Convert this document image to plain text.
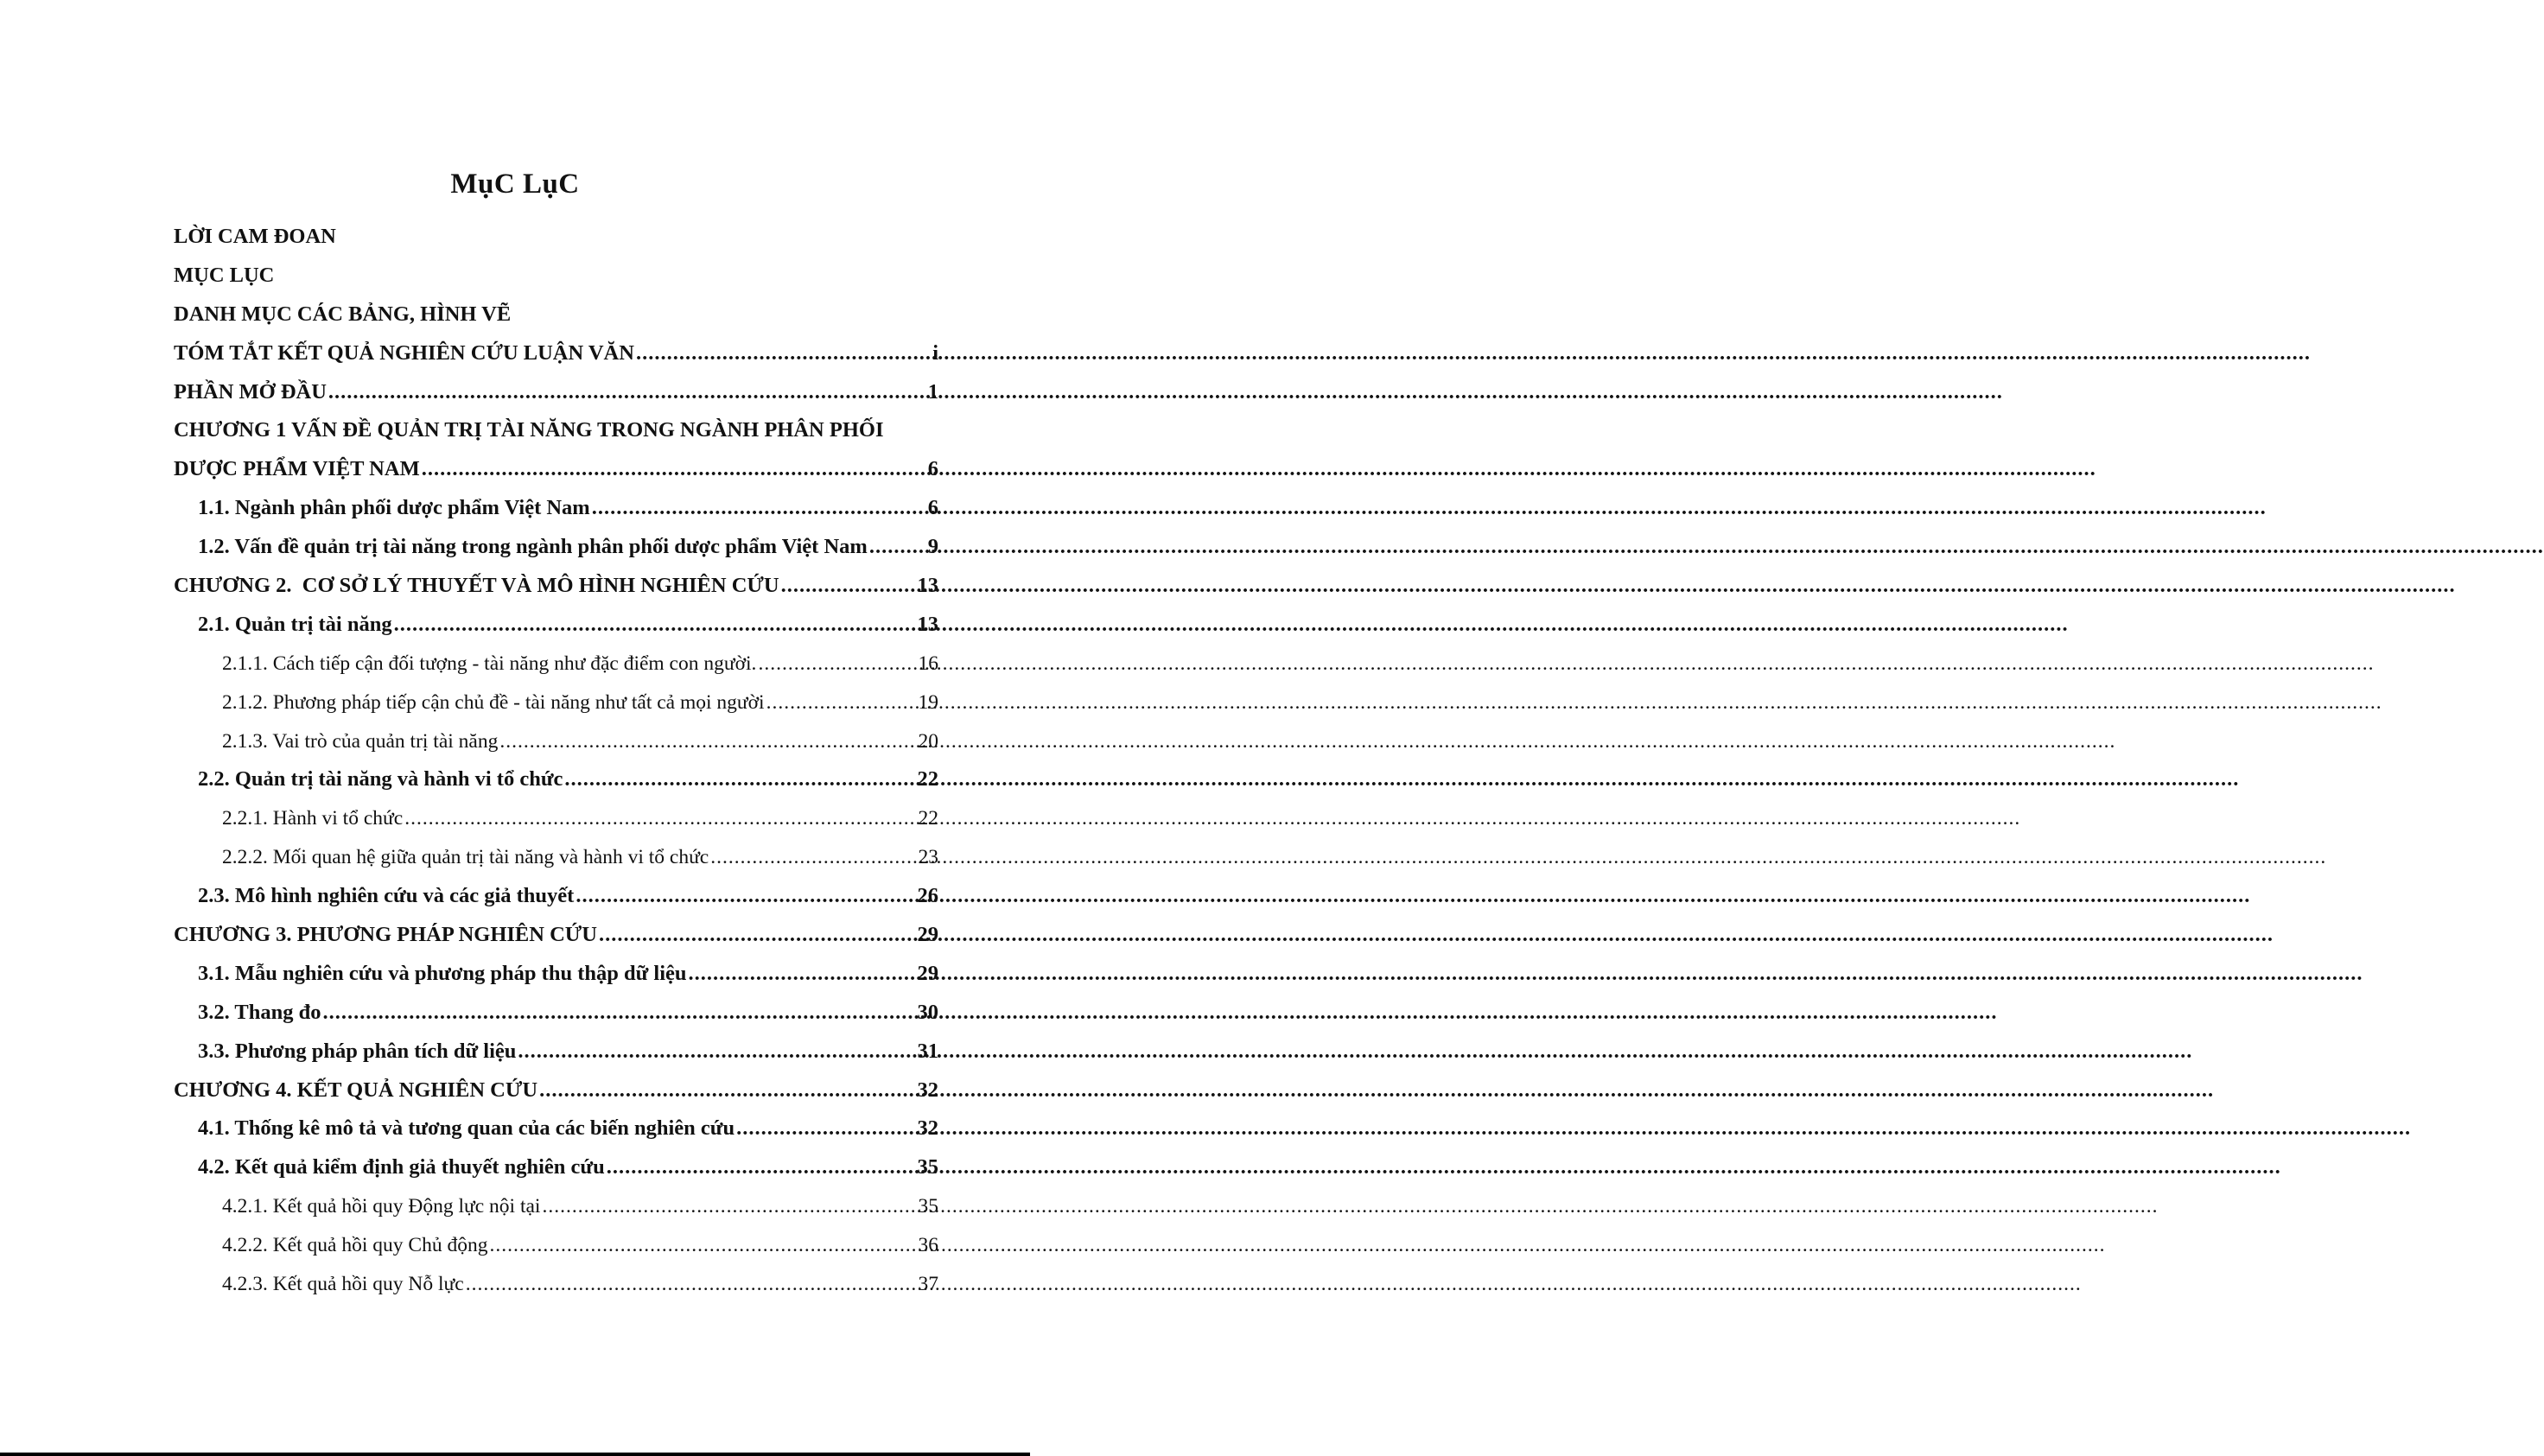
MụC LụC
LỜI CAM ĐOAN
MỤC LỤC
DANH MỤC CÁC BẢNG, HÌNH VẼ
TÓM TẮT KẾT QUẢ NGHIÊN CỨU LUẬN VĂN .....	i
PHẦN MỞ ĐẦU .....	1
CHƯƠNG 1 VẤN ĐỀ QUẢN TRỊ TÀI NĂNG TRONG NGÀNH PHÂN PHỐI
DƯỢC PHẨM VIỆT NAM .....	6
1.1. Ngành phân phối dược phẩm Việt Nam .....	6
1.2. Vấn đề quản trị tài năng trong ngành phân phối dược phẩm Việt Nam .....	9
CHƯƠNG 2.  CƠ SỞ LÝ THUYẾT VÀ MÔ HÌNH NGHIÊN CỨU .....	13
2.1. Quản trị tài năng .....	13
2.1.1. Cách tiếp cận đối tượng - tài năng như đặc điểm con người. .....	16
2.1.2. Phương pháp tiếp cận chủ đề - tài năng như tất cả mọi người .....	19
2.1.3. Vai trò của quản trị tài năng .....	20
2.2. Quản trị tài năng và hành vi tổ chức .....	22
2.2.1. Hành vi tổ chức .....	22
2.2.2. Mối quan hệ giữa quản trị tài năng và hành vi tổ chức .....	23
2.3. Mô hình nghiên cứu và các giả thuyết .....	26
CHƯƠNG 3. PHƯƠNG PHÁP NGHIÊN CỨU .....	29
3.1. Mẫu nghiên cứu và phương pháp thu thập dữ liệu .....	29
3.2. Thang đo .....	30
3.3. Phương pháp phân tích dữ liệu .....	31
CHƯƠNG 4. KẾT QUẢ NGHIÊN CỨU .....	32
4.1. Thống kê mô tả và tương quan của các biến nghiên cứu .....	32
4.2. Kết quả kiểm định giả thuyết nghiên cứu .....	35
4.2.1. Kết quả hồi quy Động lực nội tại .....	35
4.2.2. Kết quả hồi quy Chủ động .....	36
4.2.3. Kết quả hồi quy Nỗ lực .....	37
